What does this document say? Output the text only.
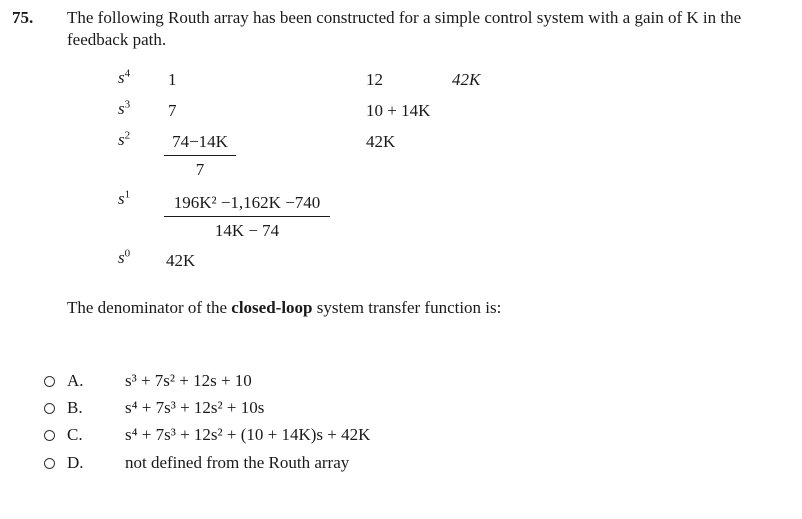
75. The following Routh array has been constructed for a simple control system with a gain of K in the feedback path.
$s^4$ 1	12	42K
$s^3$ 7	10 + 14K
$s^2 \frac{74-14K}{7}$	42K
$s^1 \frac{\text{196K² −1,162K −740}}{14K - 74}$
$s^0$ 42K
The denominator of the closed-loop system transfer function is:
A.	s³ + 7s² + 12s + 10
B.	s⁴ + 7s³ + 12s² + 10s
C.	s⁴ + 7s³ + 12s² + (10 + 14K)s + 42K
D.	not defined from the Routh array
